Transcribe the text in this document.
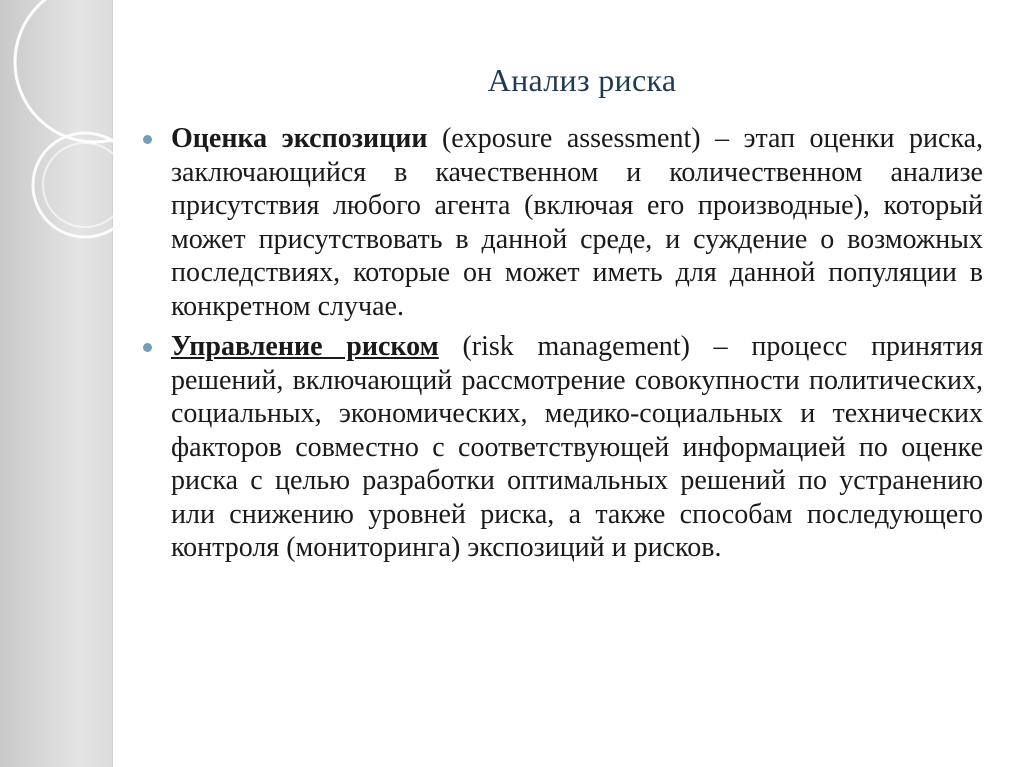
Анализ риска
Оценка экспозиции (exposure assessment) – этап оценки риска, заключающийся в качественном и количественном анализе присутствия любого агента (включая его производные), который может присутствовать в данной среде, и суждение о возможных последствиях, которые он может иметь для данной популяции в конкретном случае.
Управление риском (risk management) – процесс принятия решений, включающий рассмотрение совокупности политических, социальных, экономических, медико-социальных и технических факторов совместно с соответствующей информацией по оценке риска с целью разработки оптимальных решений по устранению или снижению уровней риска, а также способам последующего контроля (мониторинга) экспозиций и рисков.
